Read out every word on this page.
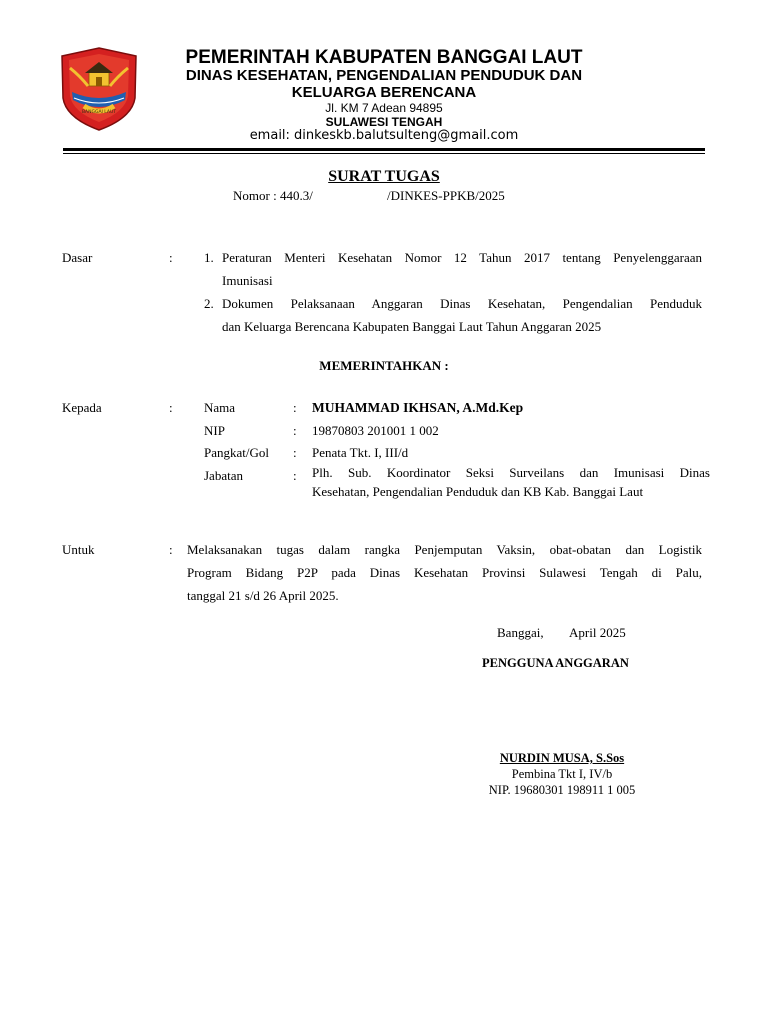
BANGGAI LAUT
PEMERINTAH KABUPATEN BANGGAI LAUT
DINAS KESEHATAN, PENGENDALIAN PENDUDUK DAN
KELUARGA BERENCANA
Jl. KM 7 Adean 94895
SULAWESI TENGAH
email: dinkeskb.balutsulteng@gmail.com
SURAT TUGAS
Nomor : 440.3/	/DINKES-PPKB/2025
Dasar	: 1. Peraturan Menteri Kesehatan Nomor 12 Tahun 2017 tentang Penyelenggaraan
Imunisasi
2. Dokumen Pelaksanaan Anggaran Dinas Kesehatan, Pengendalian Penduduk
dan Keluarga Berencana Kabupaten Banggai Laut Tahun Anggaran 2025
MEMERINTAHKAN :
Kepada	: Nama	: MUHAMMAD IKHSAN, A.Md.Kep
NIP	: 19870803 201001 1 002
Pangkat/Gol : Penata Tkt. I, III/d
Jabatan	: Plh. Sub. Koordinator Seksi Surveilans dan Imunisasi Dinas
Kesehatan, Pengendalian Penduduk dan KB Kab. Banggai Laut
Untuk	: Melaksanakan tugas dalam rangka Penjemputan Vaksin, obat-obatan dan Logistik
Program Bidang P2P pada Dinas Kesehatan Provinsi Sulawesi Tengah di Palu,
tanggal 21 s/d 26 April 2025.
Banggai, April 2025
PENGGUNA ANGGARAN
NURDIN MUSA, S.Sos
Pembina Tkt I, IV/b
NIP. 19680301 198911 1 005
